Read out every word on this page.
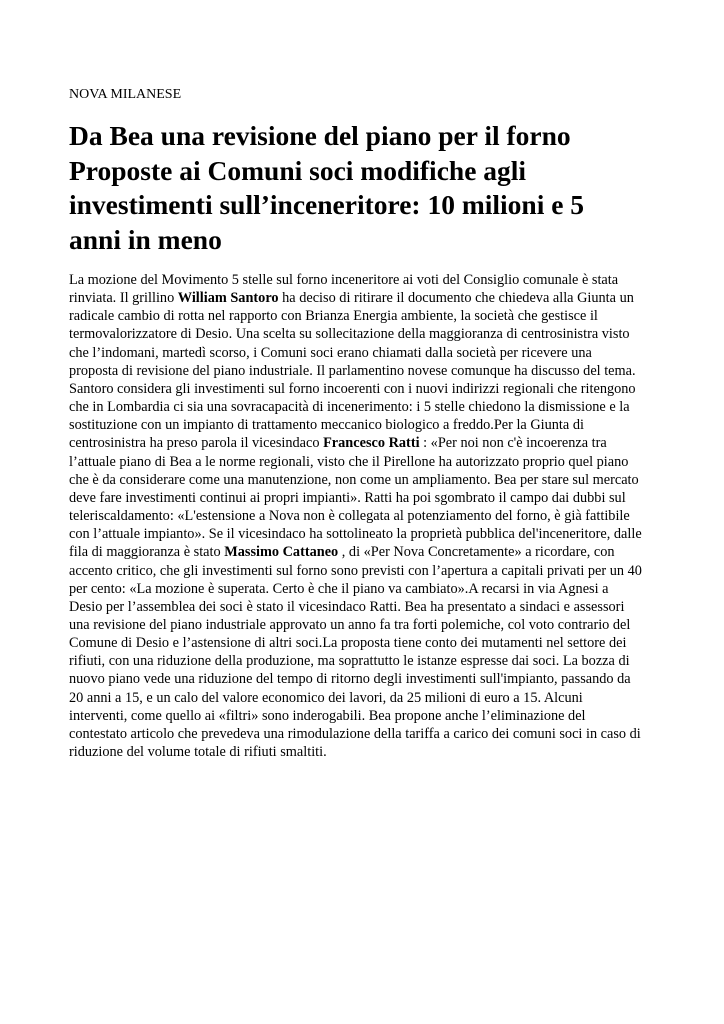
NOVA MILANESE
Da Bea una revisione del piano per il forno
Proposte ai Comuni soci modifiche agli
investimenti sull’inceneritore: 10 milioni e 5
anni in meno
La mozione del Movimento 5 stelle sul forno inceneritore ai voti del Consiglio comunale è stata
rinviata. Il grillino William Santoro ha deciso di ritirare il documento che chiedeva alla Giunta un
radicale cambio di rotta nel rapporto con Brianza Energia ambiente, la società che gestisce il
termovalorizzatore di Desio. Una scelta su sollecitazione della maggioranza di centrosinistra visto
che l’indomani, martedì scorso, i Comuni soci erano chiamati dalla società per ricevere una
proposta di revisione del piano industriale. Il parlamentino novese comunque ha discusso del tema.
Santoro considera gli investimenti sul forno incoerenti con i nuovi indirizzi regionali che ritengono
che in Lombardia ci sia una sovracapacità di incenerimento: i 5 stelle chiedono la dismissione e la
sostituzione con un impianto di trattamento meccanico biologico a freddo.Per la Giunta di
centrosinistra ha preso parola il vicesindaco Francesco Ratti : «Per noi non c'è incoerenza tra
l’attuale piano di Bea a le norme regionali, visto che il Pirellone ha autorizzato proprio quel piano
che è da considerare come una manutenzione, non come un ampliamento. Bea per stare sul mercato
deve fare investimenti continui ai propri impianti». Ratti ha poi sgombrato il campo dai dubbi sul
teleriscaldamento: «L'estensione a Nova non è collegata al potenziamento del forno, è già fattibile
con l’attuale impianto». Se il vicesindaco ha sottolineato la proprietà pubblica del'inceneritore, dalle
fila di maggioranza è stato Massimo Cattaneo , di «Per Nova Concretamente» a ricordare, con
accento critico, che gli investimenti sul forno sono previsti con l’apertura a capitali privati per un 40
per cento: «La mozione è superata. Certo è che il piano va cambiato».A recarsi in via Agnesi a
Desio per l’assemblea dei soci è stato il vicesindaco Ratti. Bea ha presentato a sindaci e assessori
una revisione del piano industriale approvato un anno fa tra forti polemiche, col voto contrario del
Comune di Desio e l’astensione di altri soci.La proposta tiene conto dei mutamenti nel settore dei
rifiuti, con una riduzione della produzione, ma soprattutto le istanze espresse dai soci. La bozza di
nuovo piano vede una riduzione del tempo di ritorno degli investimenti sull'impianto, passando da
20 anni a 15, e un calo del valore economico dei lavori, da 25 milioni di euro a 15. Alcuni
interventi, come quello ai «filtri» sono inderogabili. Bea propone anche l’eliminazione del
contestato articolo che prevedeva una rimodulazione della tariffa a carico dei comuni soci in caso di
riduzione del volume totale di rifiuti smaltiti.
